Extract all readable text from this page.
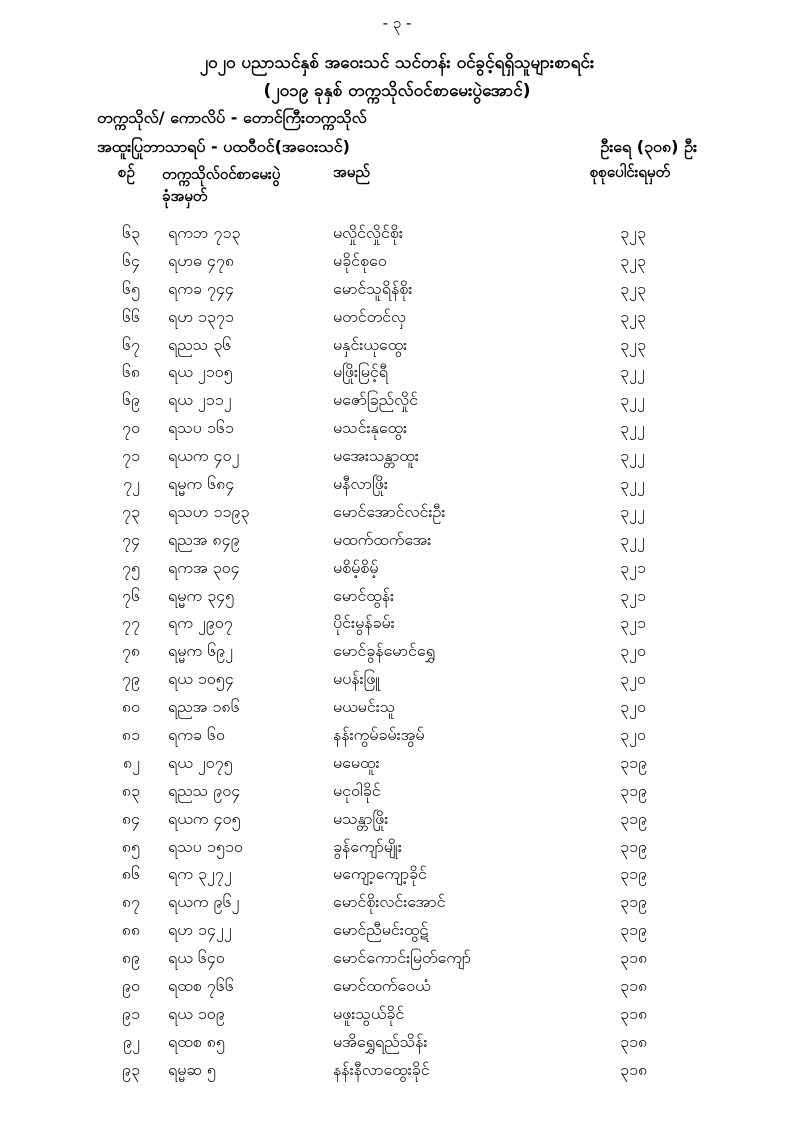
- ၃ -
၂၀၂၀ ပညာသင်နှစ် အဝေးသင် သင်တန်း ဝင်ခွင့်ရရှိသူများစာရင်း
(၂၀၁၉ ခုနှစ် တက္ကသိုလ်ဝင်စာမေးပွဲအောင်)
တက္ကသိုလ်/ ကောလိပ် - တောင်ကြီးတက္ကသိုလ်
အထူးပြုဘာသာရပ် - ပထဝီဝင်(အဝေးသင်)	ဦးရေ (၃၀၈) ဦး
စဉ် တက္ကသိုလ်ဝင်စာမေးပွဲ
ခုံအမှတ်
အမည်	စုစုပေါင်းရမှတ်
၆၃ ရကဘ ၇၁၃	မလှိုင်လှိုင်စိုး	၃၂၃
၆၄ ရဟဓ ၄၇၈	မခိုင်စုဝေ	၃၂၃
၆၅ ရကခ ၇၄၄	မောင်သူရိန်စိုး	၃၂၃
၆၆ ရဟ ၁၃၇၁	မတင်တင်လှ	၃၂၃
၆၇ ရညသ ၃၆	မနှင်းယုထွေး	၃၂၃
၆၈ ရယ ၂၁၀၅	မဖြိုးမြင့်ရီ	၃၂၂
၆၉ ရယ ၂၁၁၂	မဇော်ခြည်လှိုင်	၃၂၂
၇၀ ရသပ ၁၆၁	မသင်းနုထွေး	၃၂၂
၇၁ ရယက ၄၀၂	မအေးသန္တာထူး	၃၂၂
၇၂ ရမ္မက ၆၈၄	မနီလာဖြိုး	၃၂၂
၇၃ ရသဟ ၁၁၉၃	မောင်အောင်လင်းဦး	၃၂၂
၇၄ ရညအ ၈၄၉	မထက်ထက်အေး	၃၂၂
၇၅ ရကအ ၃၀၄	မစိမ့်စိမ့်	၃၂၁
၇၆ ရမ္မက ၃၄၅	မောင်ထွန်း	၃၂၁
၇၇ ရက ၂၉၀၇	ပိုင်းမွန်ခမ်း	၃၂၁
၇၈ ရမ္မက ၆၉၂	မောင်ခွန်မောင်ရွှေ	၃၂၀
၇၉ ရယ ၁၀၅၄	မပန်းဖြူ	၃၂၀
၈၀ ရညအ ၁၈၆	မယမင်းသူ	၃၂၀
၈၁ ရကခ ၆၀	နန်းကွမ်ခမ်းအွမ်	၃၂၀
၈၂ ရယ ၂၀၇၅	မမေထူး	၃၁၉
၈၃ ရညသ ၉၀၄	မငုဝါခိုင်	၃၁၉
၈၄ ရယက ၄၀၅	မသန္တာဖြိုး	၃၁၉
၈၅ ရသပ ၁၅၁၀	ခွန်ကျော်မျိုး	၃၁၉
၈၆ ရက ၃၂၇၂	မကျော့ကျော့ခိုင်	၃၁၉
၈၇ ရယက ၉၆၂	မောင်စိုးလင်းအောင်	၃၁၉
၈၈ ရဟ ၁၄၂၂	မောင်ညီမင်းထွဋ်	၃၁၉
၈၉ ရယ ၆၄၀	မောင်ကောင်းမြတ်ကျော်	၃၁၈
၉၀ ရထစ ၇၆၆	မောင်ထက်ဝေယံ	၃၁၈
၉၁ ရယ ၁၀၉	မဖူးသွယ်ခိုင်	၃၁၈
၉၂ ရထစ ၈၅	မအိရွှေရည်သိန်း	၃၁၈
၉၃ ရမ္မဆ ၅	နန်းနီလာထွေးခိုင်	၃၁၈
